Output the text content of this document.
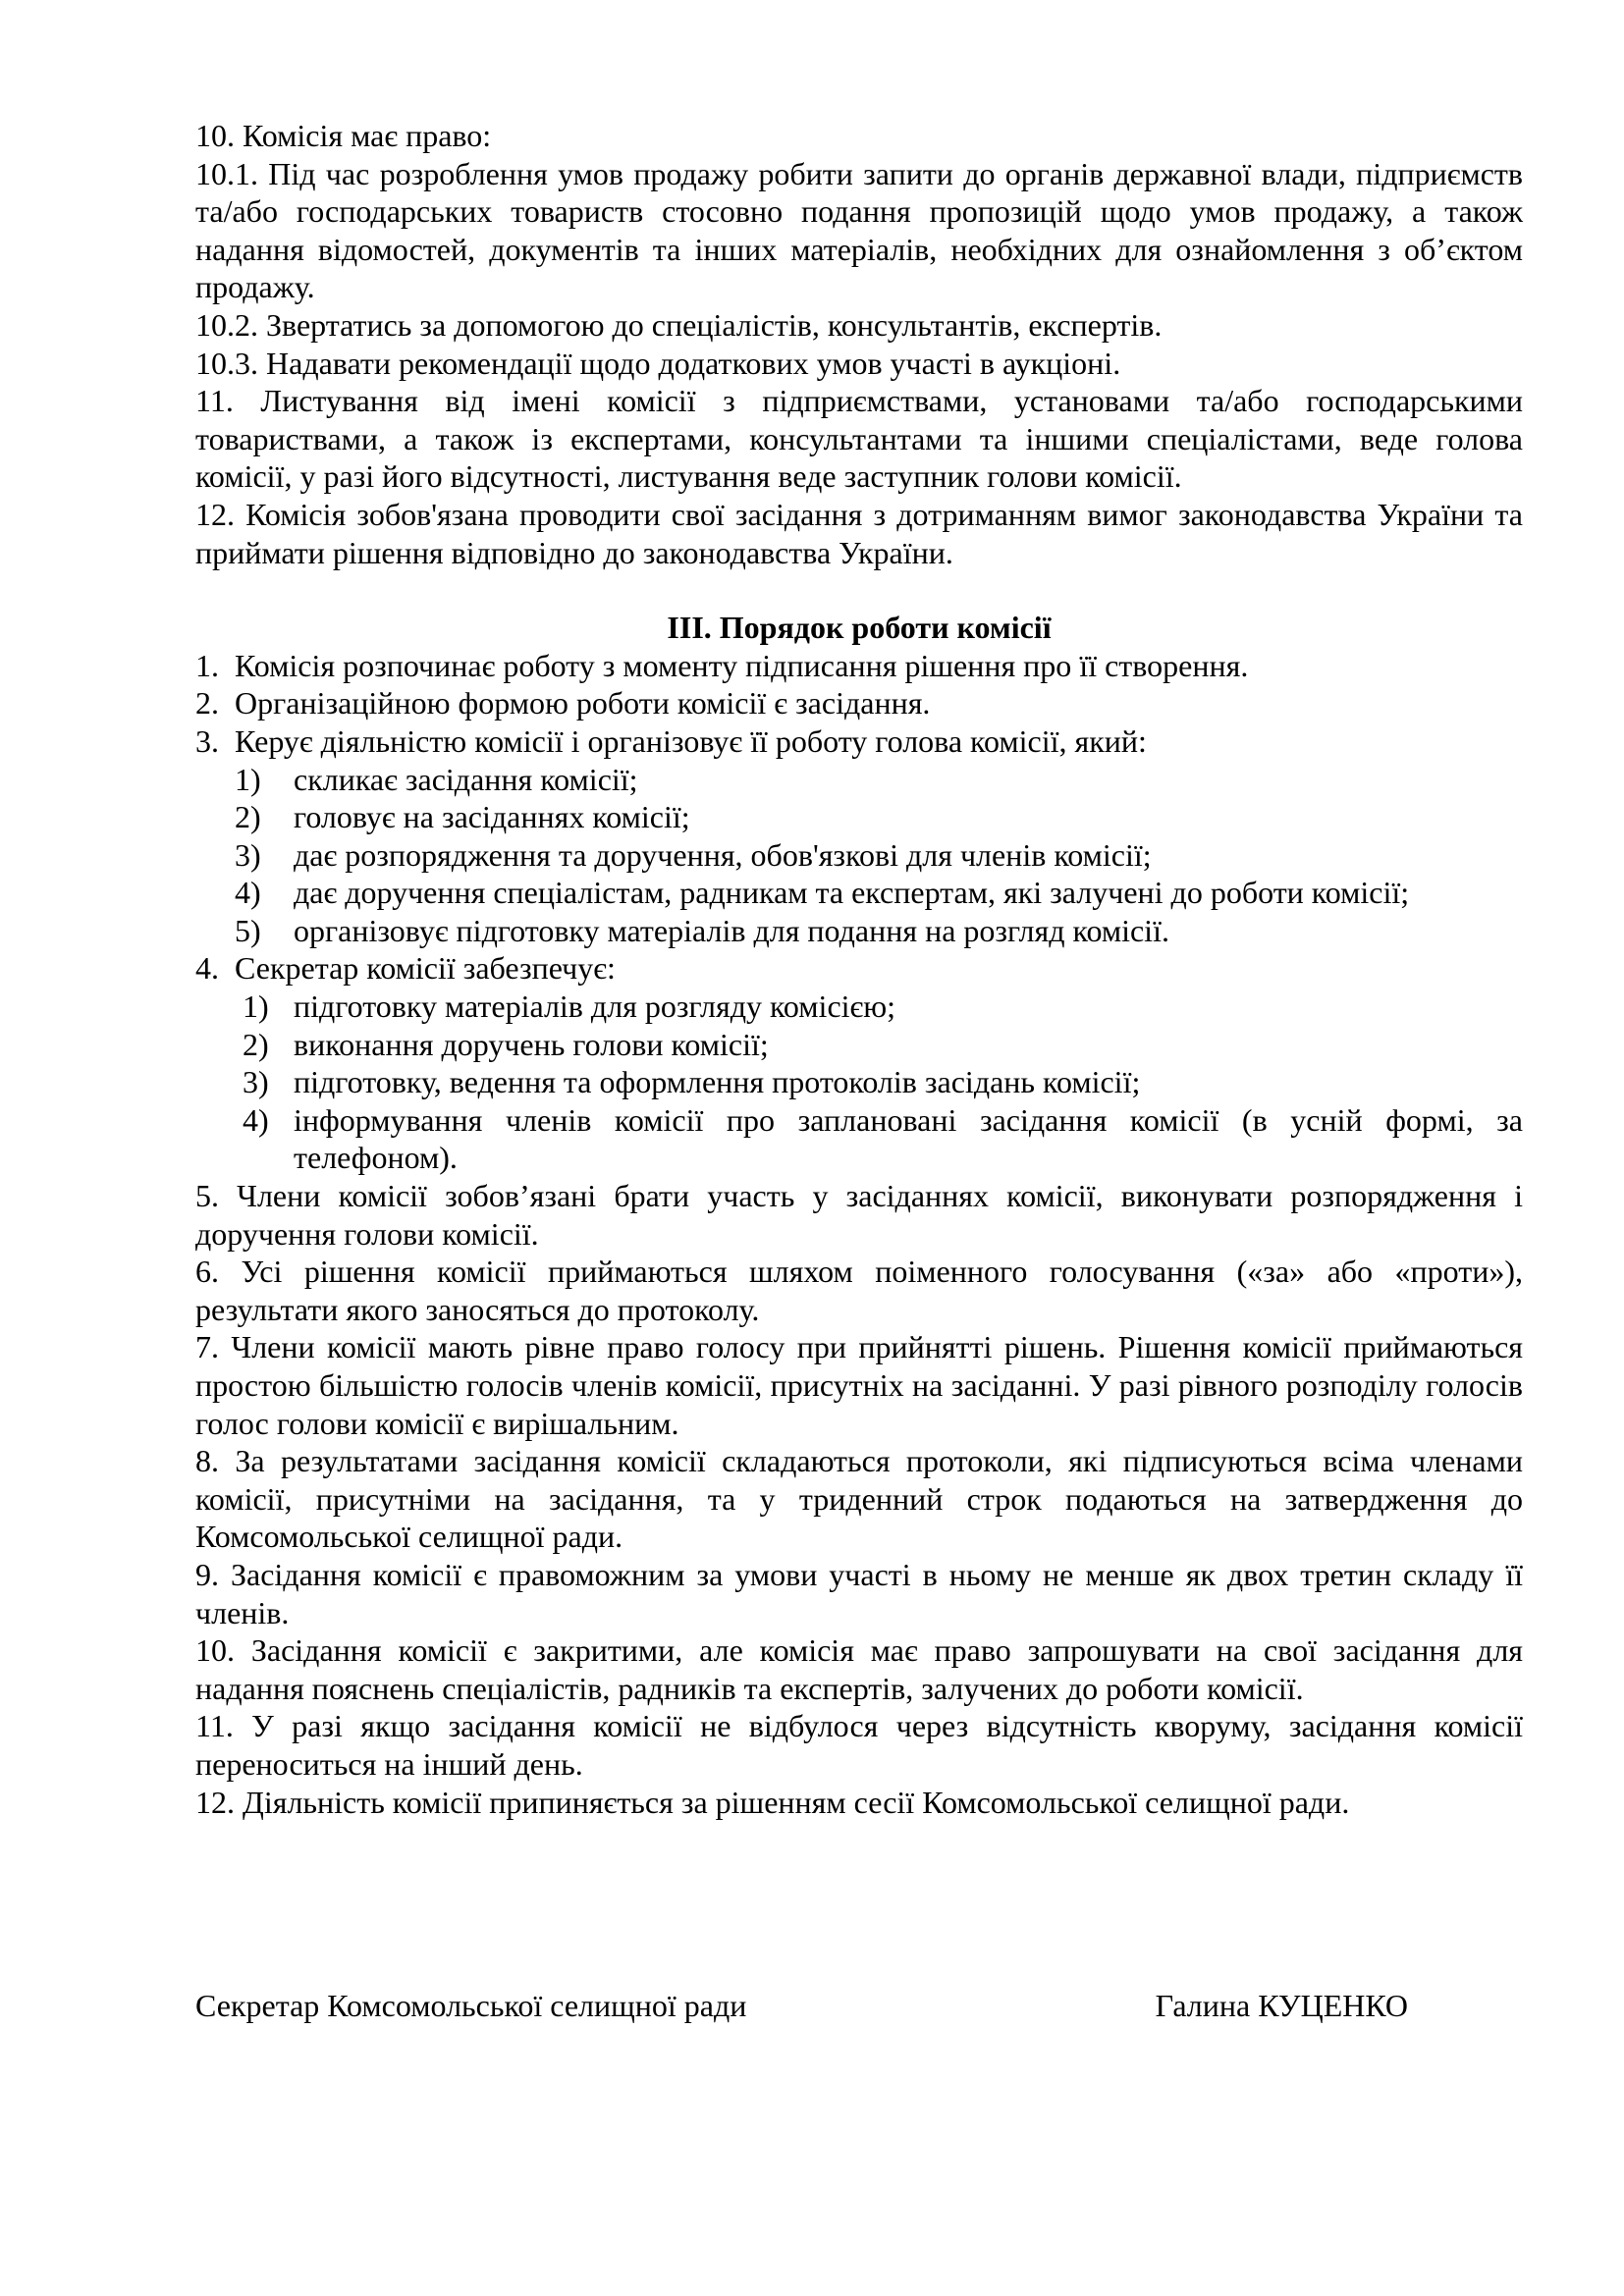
10. Комісія має право:

10.1. Під час розроблення умов продажу робити запити до органів державної влади, підприємств та/або господарських товариств стосовно подання пропозицій щодо умов продажу, а також надання відомостей, документів та інших матеріалів, необхідних для ознайомлення з об’єктом продажу.

10.2. Звертатись за допомогою до спеціалістів, консультантів, експертів.

10.3. Надавати рекомендації щодо додаткових умов участі в аукціоні.

11. Листування від імені комісії з підприємствами, установами та/або господарськими товариствами, а також із експертами, консультантами та іншими спеціалістами, веде голова комісії, у разі його відсутності, листування веде заступник голови комісії.

12. Комісія зобов'язана проводити свої засідання з дотриманням вимог законодавства України та приймати рішення відповідно до законодавства України.

ІІІ. Порядок роботи комісії

1. Комісія розпочинає роботу з моменту підписання рішення про її створення.
2. Організаційною формою роботи комісії є засідання.
3. Керує діяльністю комісії і організовує її роботу голова комісії, який:
1)	скликає засідання комісії;
2)	головує на засіданнях комісії;
3)	дає розпорядження та доручення, обов'язкові для членів комісії;
4)	дає доручення спеціалістам, радникам та експертам, які залучені до роботи комісії;
5)	організовує підготовку матеріалів для подання на розгляд комісії.
4. Секретар комісії забезпечує:
1) підготовку матеріалів для розгляду комісією;
2) виконання доручень голови комісії;
3) підготовку, ведення та оформлення протоколів засідань комісії;
4) інформування членів комісії про заплановані засідання комісії (в усній формі, за телефоном).

5. Члени комісії зобов’язані брати участь у засіданнях комісії, виконувати розпорядження і доручення голови комісії.

6. Усі рішення комісії приймаються шляхом поіменного голосування («за» або «проти»), результати якого заносяться до протоколу.

7. Члени комісії мають рівне право голосу при прийнятті рішень. Рішення комісії приймаються простою більшістю голосів членів комісії, присутніх на засіданні. У разі рівного розподілу голосів голос голови комісії є вирішальним.

8. За результатами засідання комісії складаються протоколи, які підписуються всіма членами комісії, присутніми на засідання, та у триденний строк подаються на затвердження до Комсомольської селищної ради.

9. Засідання комісії є правоможним за умови участі в ньому не менше як двох третин складу її членів.

10. Засідання комісії є закритими, але комісія має право запрошувати на свої засідання для надання пояснень спеціалістів, радників та експертів, залучених до роботи комісії.

11. У разі якщо засідання комісії не відбулося через відсутність кворуму, засідання комісії переноситься на інший день.

12. Діяльність комісії припиняється за рішенням сесії Комсомольської селищної ради.

Секретар Комсомольської селищної ради	Галина КУЦЕНКО
